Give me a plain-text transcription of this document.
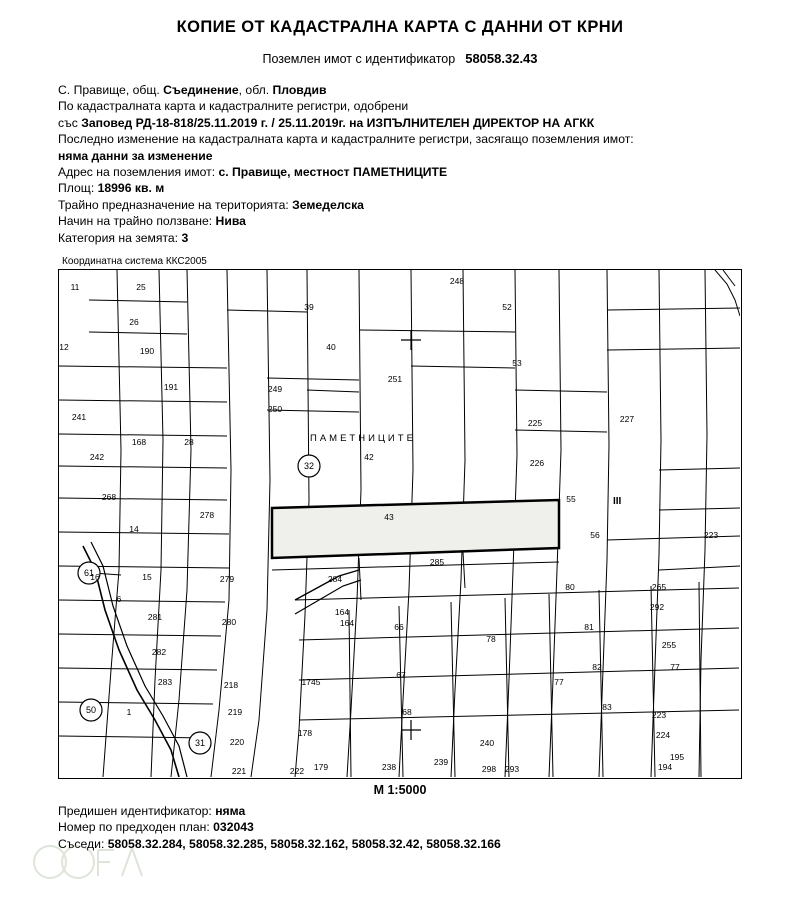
КОПИЕ ОТ КАДАСТРАЛНА КАРТА С ДАННИ ОТ КРНИ
Поземлен имот с идентификатор 58058.32.43
С. Правище, общ. Съединение, обл. Пловдив
По кадастралната карта и кадастралните регистри, одобрени
със Заповед РД-18-818/25.11.2019 г. / 25.11.2019г. на ИЗПЪЛНИТЕЛЕН ДИРЕКТОР НА АГКК
Последно изменение на кадастралната карта и кадастралните регистри, засягащо поземления имот:
няма данни за изменение
Адрес на поземления имот: с. Правище, местност ПАМЕТНИЦИТЕ
Площ: 18996 кв. м
Трайно предназначение на територията: Земеделска
Начин на трайно ползване: Нива
Категория на земята: 3
Координатна система ККС2005
32
61
50
31
ПАМЕТНИЦИТЕ
11	25
26
12	190
191
241
242
268
168
14
15
16
281
282
283
1
6
28
278
279
280
218
219
220
221	222 179
178
1745
39
40
249
250
42
284
164
164	66
67
68
238	239
240
298 293
248
251
285
43
52
53
225
226
227
55
56
80
81
82
83
77
78
265
292
255
77
224
223
194
195
223
III
М 1:5000
Предишен идентификатор: няма
Номер по предходен план: 032043
Съседи: 58058.32.284, 58058.32.285, 58058.32.162, 58058.32.42, 58058.32.166
